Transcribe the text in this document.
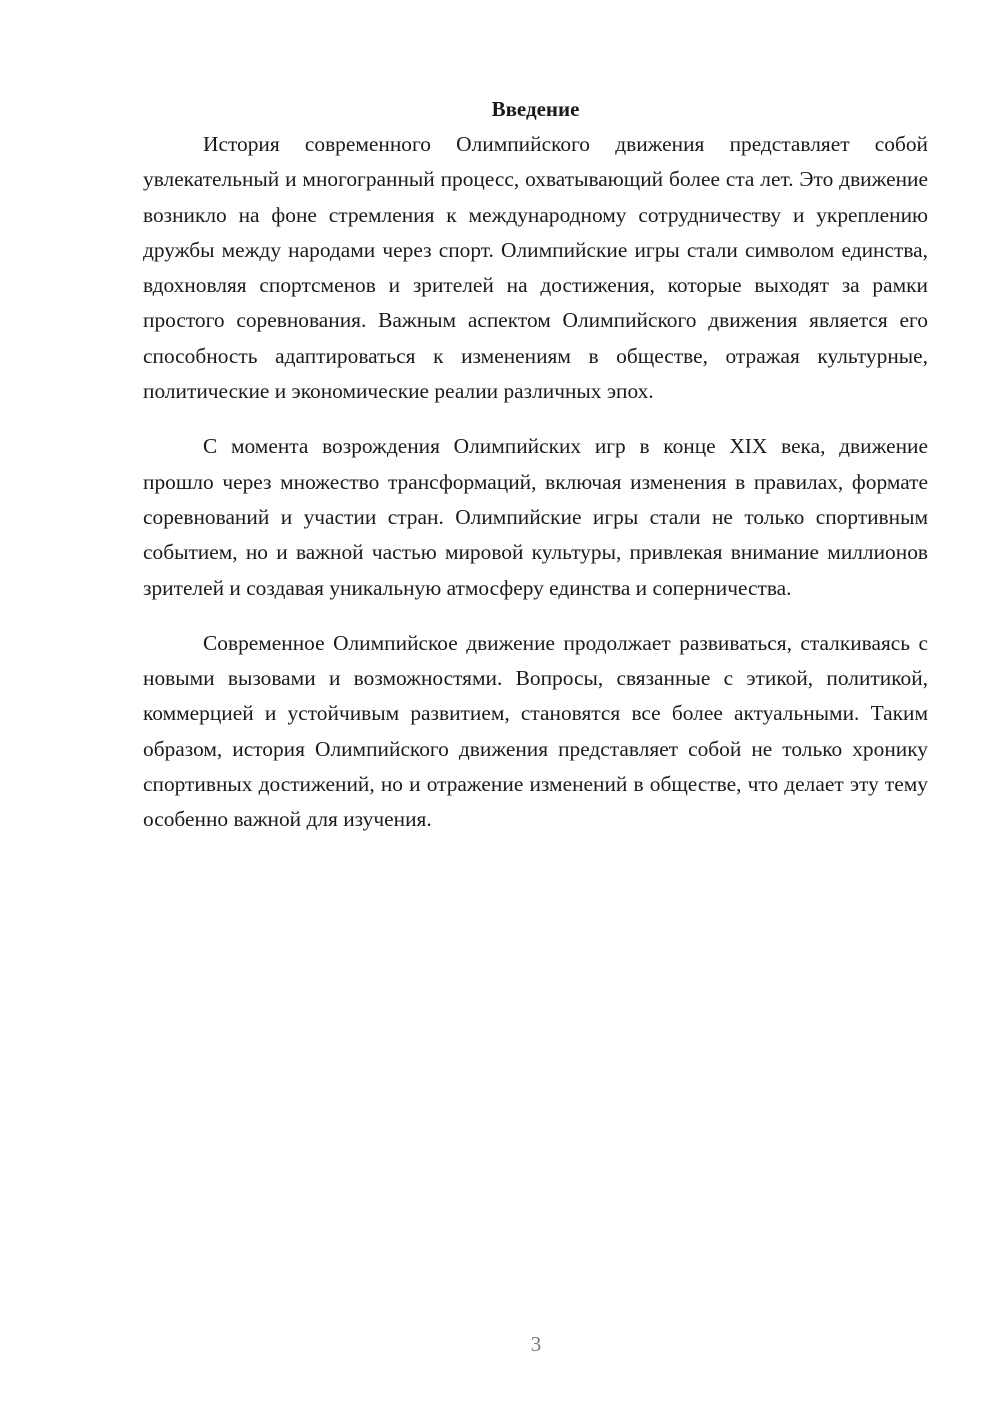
Введение

История современного Олимпийского движения представляет собой увлекательный и многогранный процесс, охватывающий более ста лет. Это движение возникло на фоне стремления к международному сотрудничеству и укреплению дружбы между народами через спорт. Олимпийские игры стали символом единства, вдохновляя спортсменов и зрителей на достижения, которые выходят за рамки простого соревнования. Важным аспектом Олимпийского движения является его способность адаптироваться к изменениям в обществе, отражая культурные, политические и экономические реалии различных эпох.

С момента возрождения Олимпийских игр в конце XIX века, движение прошло через множество трансформаций, включая изменения в правилах, формате соревнований и участии стран. Олимпийские игры стали не только спортивным событием, но и важной частью мировой культуры, привлекая внимание миллионов зрителей и создавая уникальную атмосферу единства и соперничества.

Современное Олимпийское движение продолжает развиваться, сталкиваясь с новыми вызовами и возможностями. Вопросы, связанные с этикой, политикой, коммерцией и устойчивым развитием, становятся все более актуальными. Таким образом, история Олимпийского движения представляет собой не только хронику спортивных достижений, но и отражение изменений в обществе, что делает эту тему особенно важной для изучения.

3
